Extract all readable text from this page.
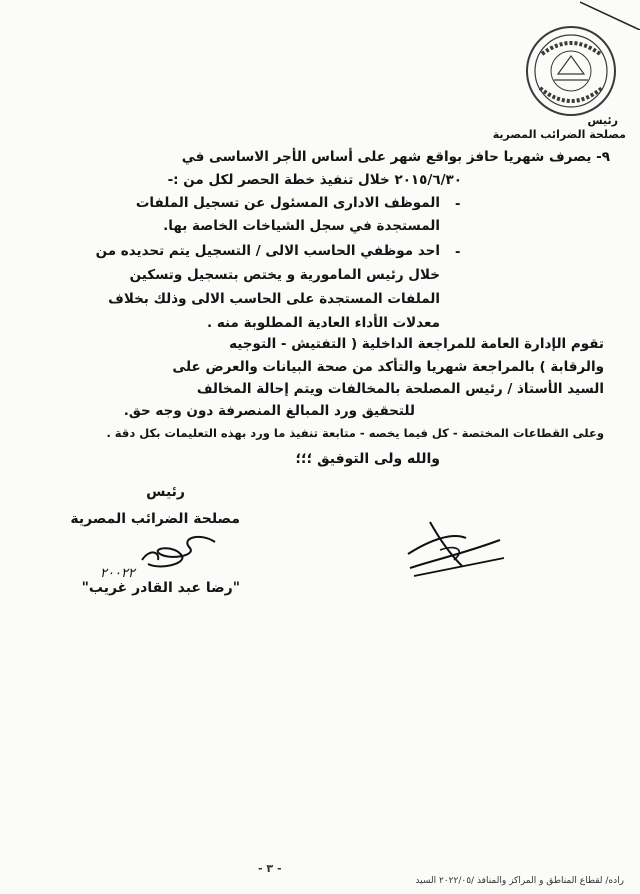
رئيس
مصلحة الضرائب المصرية
٩- يصرف شهريا حافز بواقع شهر على أساس الأجر الاساسى في
٢٠١٥/٦/٣٠ خلال تنفيذ خطة الحصر لكل من :-
-
الموظف الادارى المسئول عن تسجيل الملفات
المستجدة في سجل الشياخات الخاصة بها.
-
احد موظفي الحاسب الالى / التسجيل يتم تحديده من
خلال رئيس المامورية و يختص بتسجيل وتسكين
الملفات المستجدة على الحاسب الالى وذلك بخلاف
معدلات الأداء العادية المطلوبة منه .
تقوم الإدارة العامة للمراجعة الداخلية ( التفتيش - التوجيه
والرقابة ) بالمراجعة شهريا والتأكد من صحة البيانات والعرض على
السيد الأستاذ / رئيس المصلحة بالمخالفات ويتم إحالة المخالف
للتحقيق ورد المبالغ المنصرفة دون وجه حق.
وعلى القطاعات المختصة - كل فيما يخصه - متابعة تنفيذ ما ورد بهذه التعليمات بكل دقة .
والله ولى التوفيق ؛؛؛
رئيس
مصلحة الضرائب المصرية
٢٠٠٢٢
"رضا عبد القادر غريب"
- ٣ -
راده/ لقطاع المناطق و المراكز والمنافذ /٢٠٢٢/٠٥ السيد
